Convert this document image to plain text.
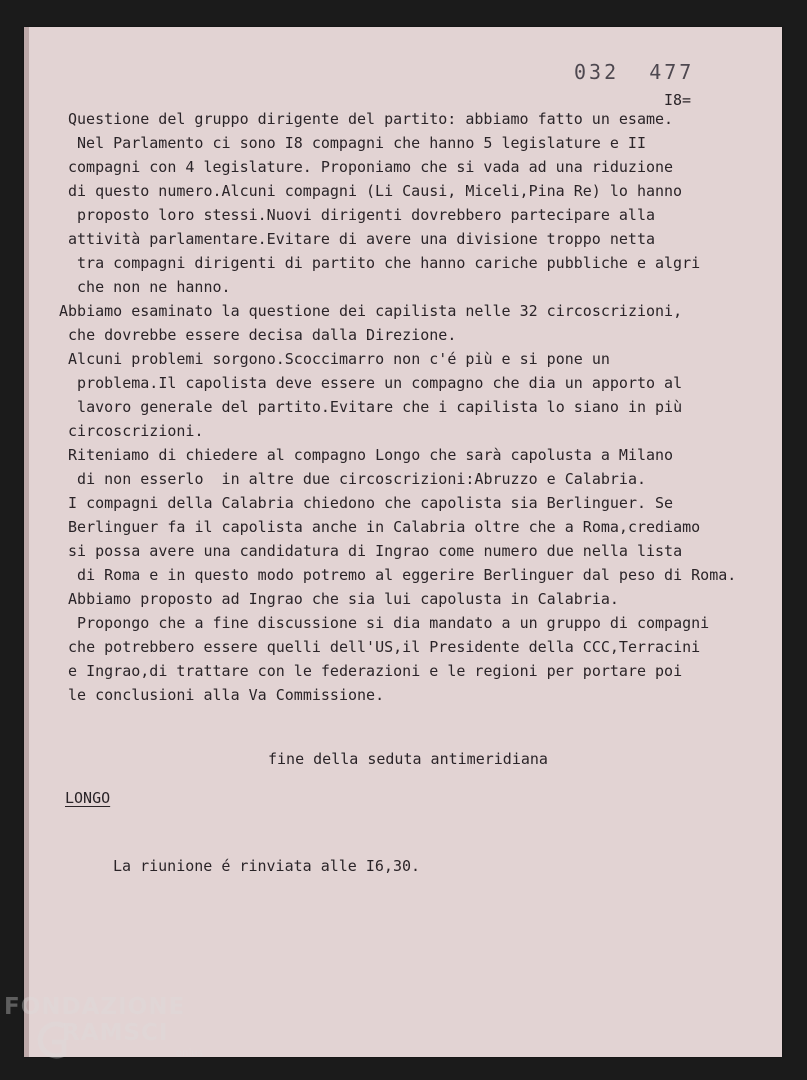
032  477
I8=
Questione del gruppo dirigente del partito: abbiamo fatto un esame.
Nel Parlamento ci sono I8 compagni che hanno 5 legislature e II
compagni con 4 legislature. Proponiamo che si vada ad una riduzione
di questo numero.Alcuni compagni (Li Causi, Miceli,Pina Re) lo hanno
proposto loro stessi.Nuovi dirigenti dovrebbero partecipare alla
attività parlamentare.Evitare di avere una divisione troppo netta
tra compagni dirigenti di partito che hanno cariche pubbliche e algri
che non ne hanno.
Abbiamo esaminato la questione dei capilista nelle 32 circoscrizioni,
che dovrebbe essere decisa dalla Direzione.
Alcuni problemi sorgono.Scoccimarro non c'é più e si pone un
problema.Il capolista deve essere un compagno che dia un apporto al
lavoro generale del partito.Evitare che i capilista lo siano in più
circoscrizioni.
Riteniamo di chiedere al compagno Longo che sarà capolusta a Milano
di non esserlo  in altre due circoscrizioni:Abruzzo e Calabria.
I compagni della Calabria chiedono che capolista sia Berlinguer. Se
Berlinguer fa il capolista anche in Calabria oltre che a Roma,crediamo
si possa avere una candidatura di Ingrao come numero due nella lista
di Roma e in questo modo potremo al eggerire Berlinguer dal peso di Roma.
Abbiamo proposto ad Ingrao che sia lui capolusta in Calabria.
Propongo che a fine discussione si dia mandato a un gruppo di compagni
che potrebbero essere quelli dell'US,il Presidente della CCC,Terracini
e Ingrao,di trattare con le federazioni e le regioni per portare poi
le conclusioni alla Va Commissione.
fine della seduta antimeridiana
LONGO
La riunione é rinviata alle I6,30.
FONDAZIONE
RAMSCI
onlus
